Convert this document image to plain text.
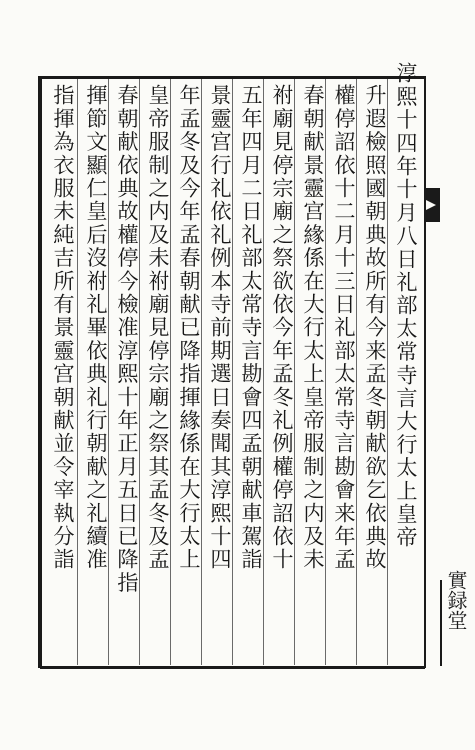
淳熙十四年十月八日礼部太常寺言大行太上皇帝
升遐檢照國朝典故所有今来孟冬朝献欲乞依典故
權停詔依十二月十三日礼部太常寺言勘會来年孟
春朝献景靈宫緣係在大行太上皇帝服制之内及未
祔廟見停宗廟之祭欲依今年孟冬礼例權停詔依十
五年四月二日礼部太常寺言勘會四孟朝献車駕詣
景靈宫行礼依礼例本寺前期選日奏聞其淳熙十四
年孟冬及今年孟春朝献已降指揮緣係在大行太上
皇帝服制之内及未祔廟見停宗廟之祭其孟冬及孟
春朝献依典故權停今檢准淳熙十年正月五日已降指
揮節文顯仁皇后沒祔礼畢依典礼行朝献之礼續准
指揮為衣服未純吉所有景靈宫朝献並令宰執分詣
實録堂
